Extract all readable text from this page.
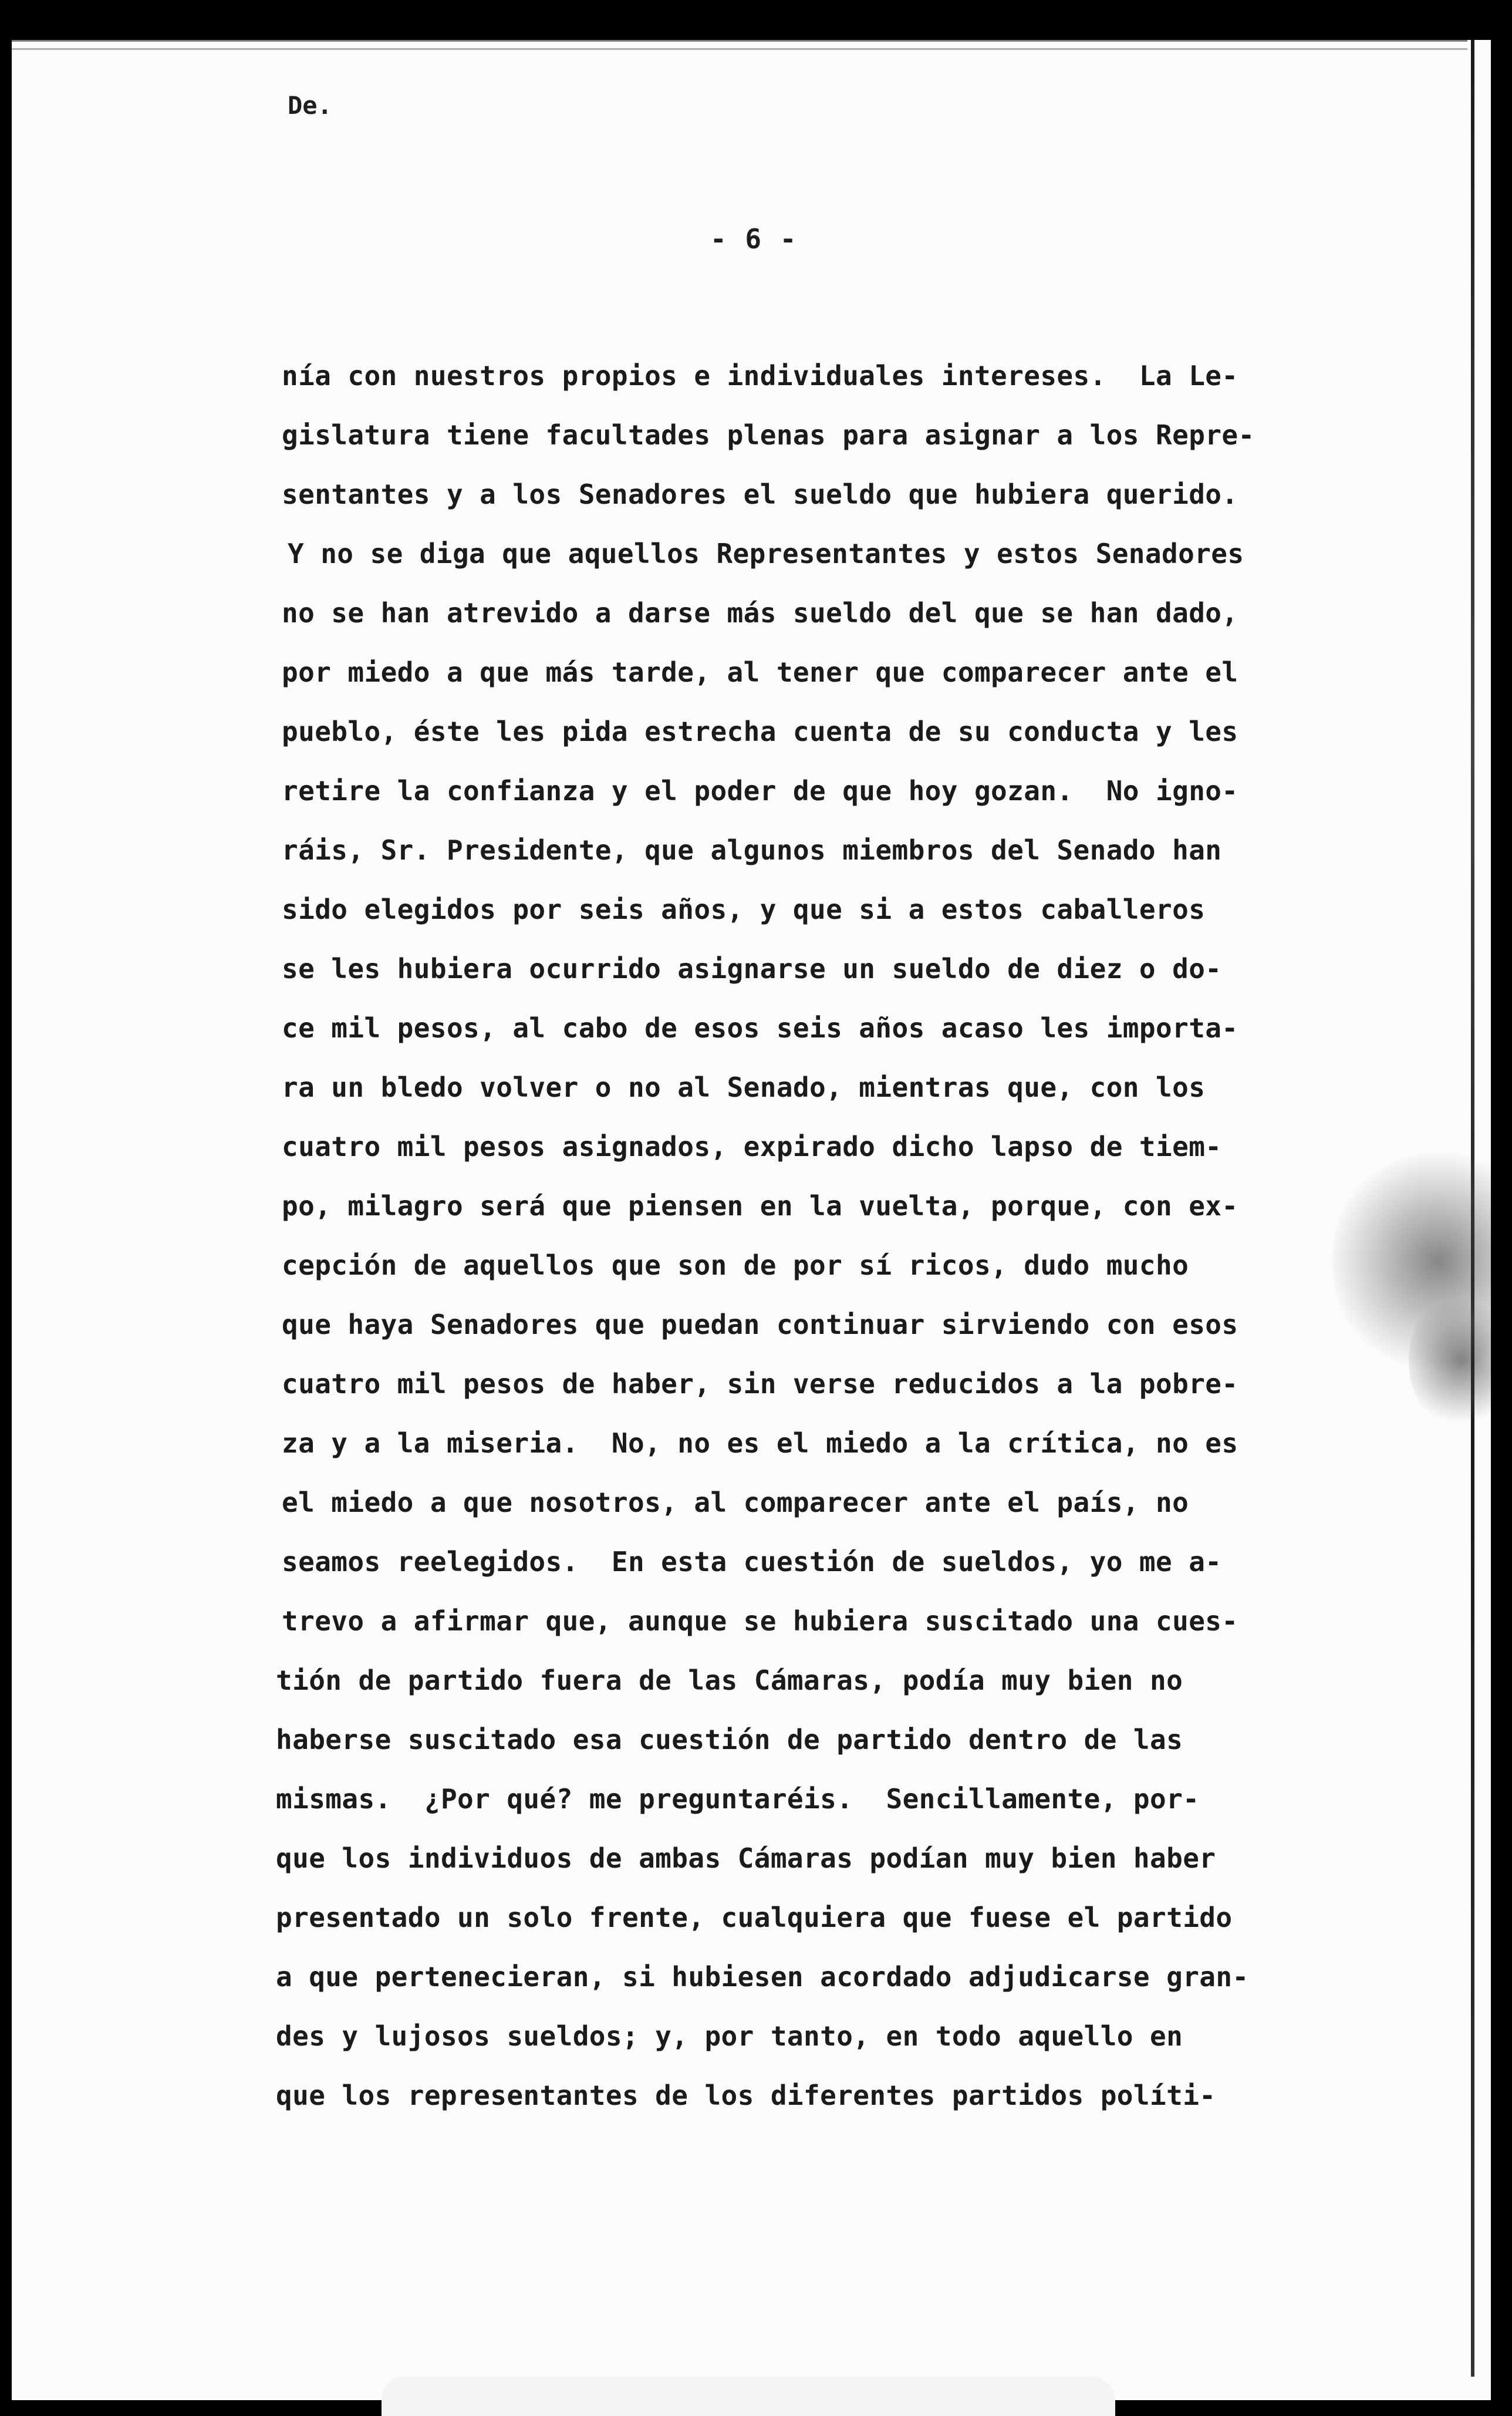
De.
- 6 -
nía con nuestros propios e individuales intereses.  La Le-
gislatura tiene facultades plenas para asignar a los Repre-
sentantes y a los Senadores el sueldo que hubiera querido.
Y no se diga que aquellos Representantes y estos Senadores
no se han atrevido a darse más sueldo del que se han dado,
por miedo a que más tarde, al tener que comparecer ante el
pueblo, éste les pida estrecha cuenta de su conducta y les
retire la confianza y el poder de que hoy gozan.  No igno-
ráis, Sr. Presidente, que algunos miembros del Senado han
sido elegidos por seis años, y que si a estos caballeros
se les hubiera ocurrido asignarse un sueldo de diez o do-
ce mil pesos, al cabo de esos seis años acaso les importa-
ra un bledo volver o no al Senado, mientras que, con los
cuatro mil pesos asignados, expirado dicho lapso de tiem-
po, milagro será que piensen en la vuelta, porque, con ex-
cepción de aquellos que son de por sí ricos, dudo mucho
que haya Senadores que puedan continuar sirviendo con esos
cuatro mil pesos de haber, sin verse reducidos a la pobre-
za y a la miseria.  No, no es el miedo a la crítica, no es
el miedo a que nosotros, al comparecer ante el país, no
seamos reelegidos.  En esta cuestión de sueldos, yo me a-
trevo a afirmar que, aunque se hubiera suscitado una cues-
tión de partido fuera de las Cámaras, podía muy bien no
haberse suscitado esa cuestión de partido dentro de las
mismas.  ¿Por qué? me preguntaréis.  Sencillamente, por-
que los individuos de ambas Cámaras podían muy bien haber
presentado un solo frente, cualquiera que fuese el partido
a que pertenecieran, si hubiesen acordado adjudicarse gran-
des y lujosos sueldos; y, por tanto, en todo aquello en
que los representantes de los diferentes partidos políti-
